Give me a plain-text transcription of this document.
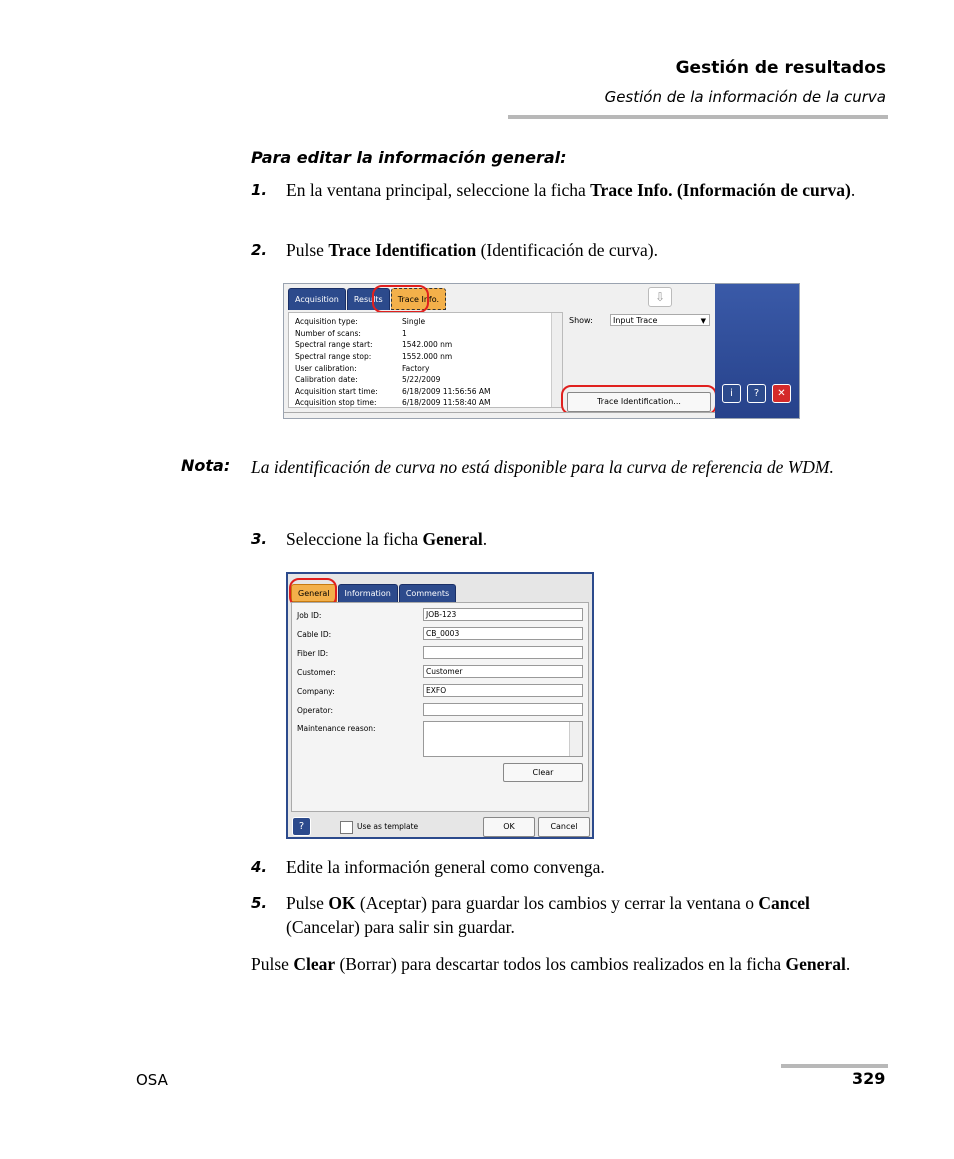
Gestión de resultados
Gestión de la información de la curva
Para editar la información general:
1. En la ventana principal, seleccione la ficha Trace Info. (Información de curva).
2. Pulse Trace Identification (Identificación de curva).
Acquisition	Results	Trace Info.	⇩
Acquisition type:	Single
Number of scans:	1
Spectral range start:	1542.000 nm
Spectral range stop:	1552.000 nm
User calibration:	Factory
Calibration date:	5/22/2009
Acquisition start time:	6/18/2009 11:56:56 AM
Acquisition stop time:	6/18/2009 11:58:40 AM
Show:	Input Trace	▼
Trace Identification...
i	?	✕
Nota: La identificación de curva no está disponible para la curva de referencia de WDM.
3. Seleccione la ficha General.
General	Information	Comments
Job ID:	JOB-123
Cable ID:	CB_0003
Fiber ID:
Customer:	Customer
Company:	EXFO
Operator:
Maintenance reason:
Clear
?	Use as template	OK	Cancel
4. Edite la información general como convenga.
5. Pulse OK (Aceptar) para guardar los cambios y cerrar la ventana o Cancel (Cancelar) para salir sin guardar.
Pulse Clear (Borrar) para descartar todos los cambios realizados en la ficha General.
OSA	329
